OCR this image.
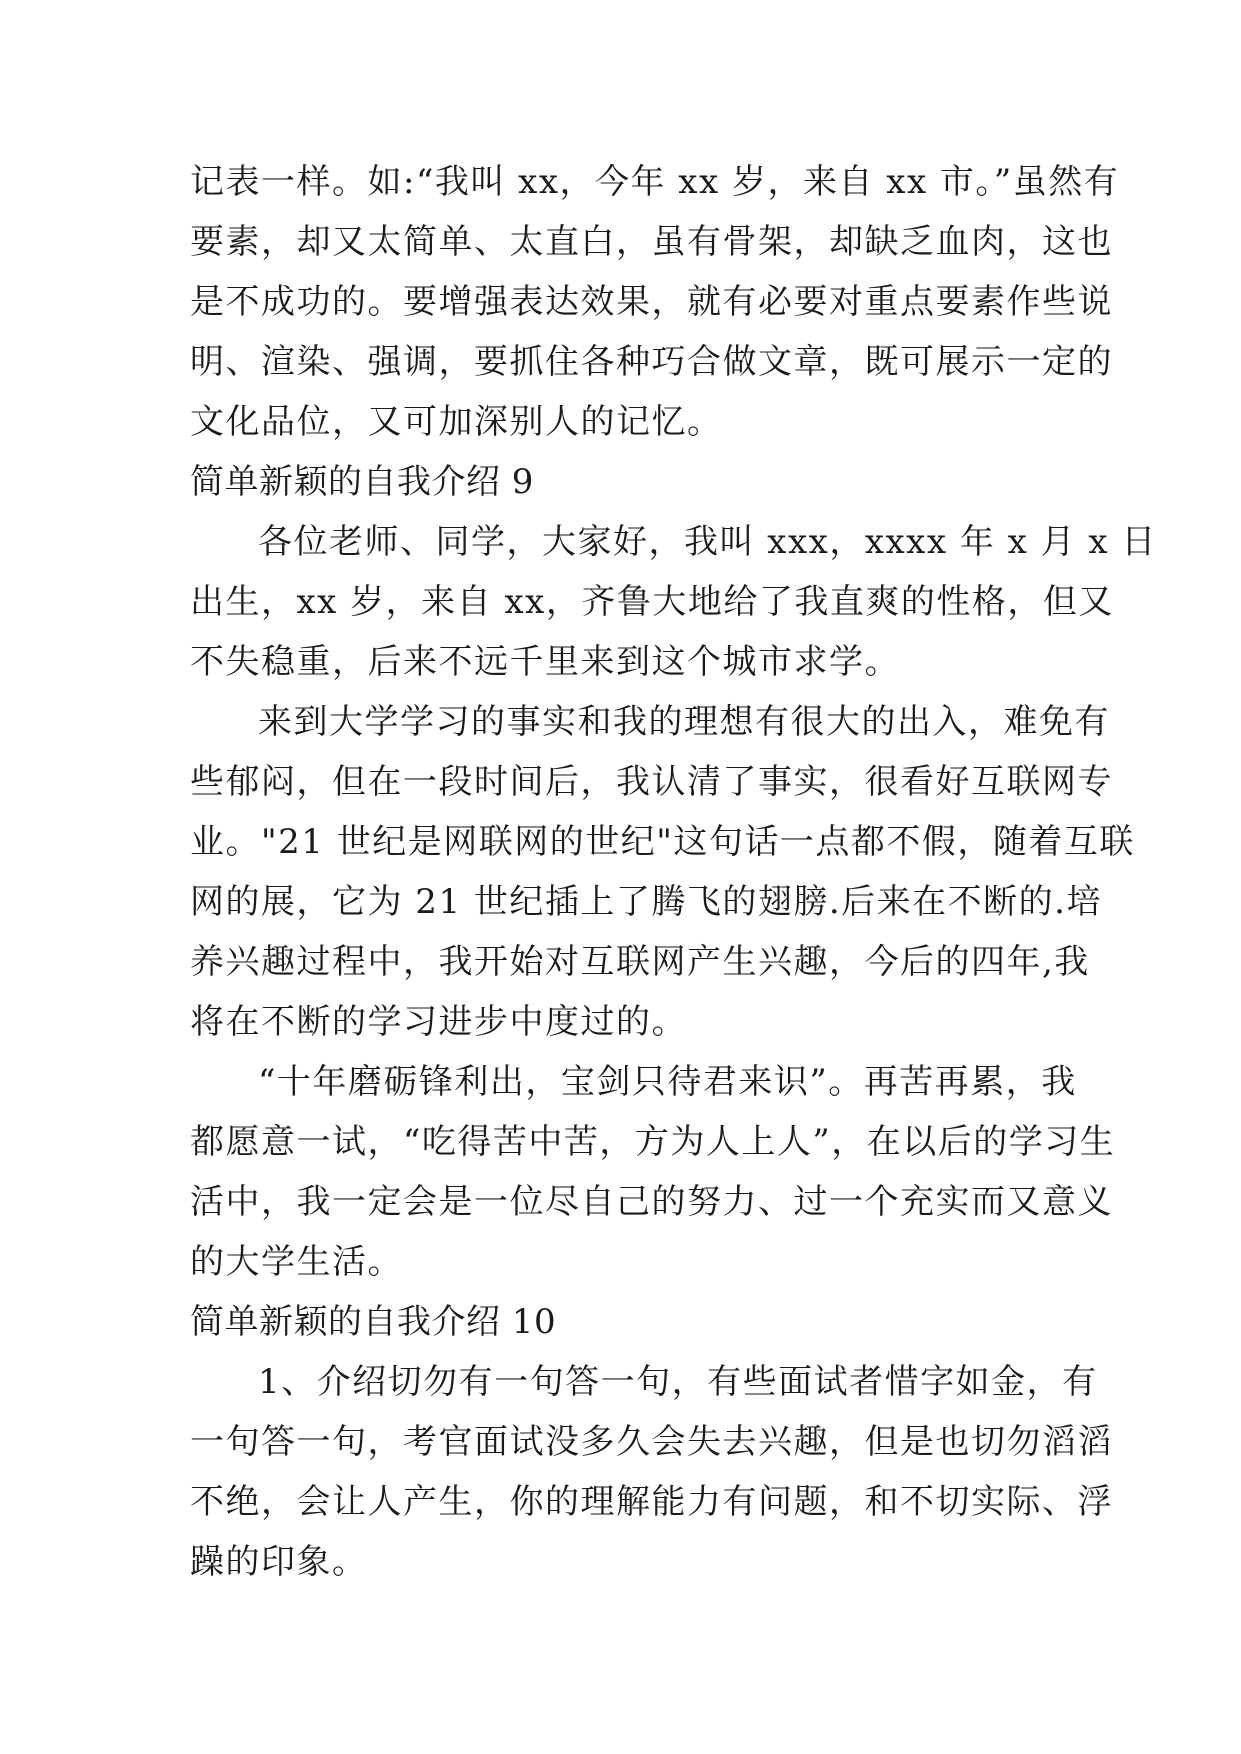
记表一样。如:“我叫 xx，今年 xx 岁，来自 xx 市。”虽然有
要素，却又太简单、太直白，虽有骨架，却缺乏血肉，这也
是不成功的。要增强表达效果，就有必要对重点要素作些说
明、渲染、强调，要抓住各种巧合做文章，既可展示一定的
文化品位，又可加深别人的记忆。
简单新颖的自我介绍 9
各位老师、同学，大家好，我叫 xxx，xxxx 年 x 月 x 日
出生，xx 岁，来自 xx，齐鲁大地给了我直爽的性格，但又
不失稳重，后来不远千里来到这个城市求学。
来到大学学习的事实和我的理想有很大的出入，难免有
些郁闷，但在一段时间后，我认清了事实，很看好互联网专
业。"21 世纪是网联网的世纪"这句话一点都不假，随着互联
网的展，它为 21 世纪插上了腾飞的翅膀.后来在不断的.培
养兴趣过程中，我开始对互联网产生兴趣，今后的四年,我
将在不断的学习进步中度过的。
“十年磨砺锋利出，宝剑只待君来识”。再苦再累，我
都愿意一试，“吃得苦中苦，方为人上人”，在以后的学习生
活中，我一定会是一位尽自己的努力、过一个充实而又意义
的大学生活。
简单新颖的自我介绍 10
1、介绍切勿有一句答一句，有些面试者惜字如金，有
一句答一句，考官面试没多久会失去兴趣，但是也切勿滔滔
不绝，会让人产生，你的理解能力有问题，和不切实际、浮
躁的印象。
